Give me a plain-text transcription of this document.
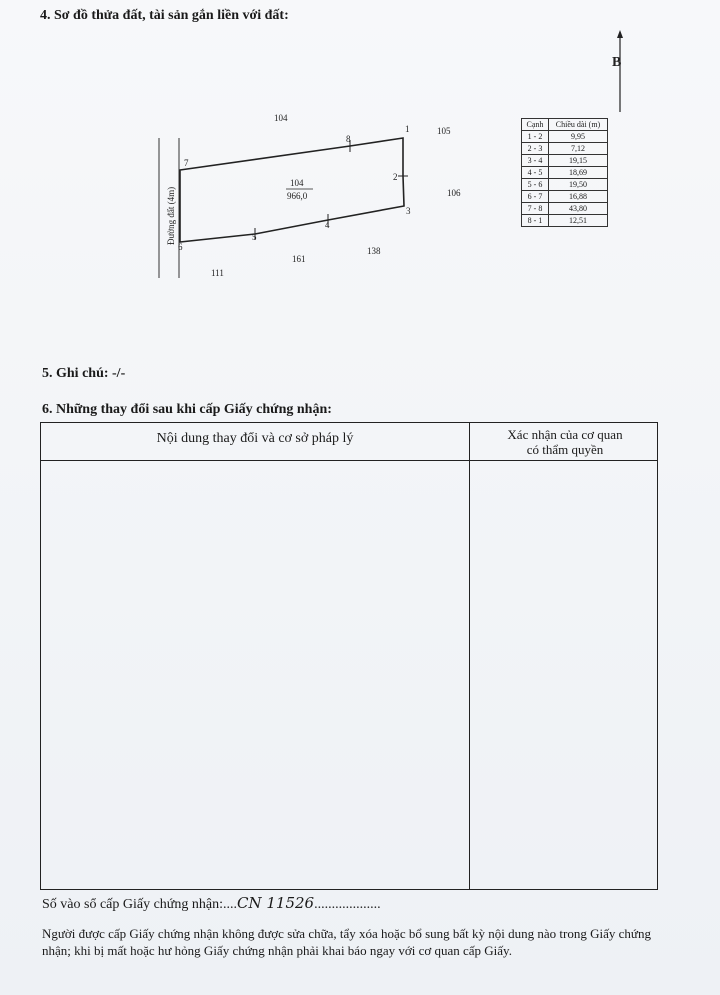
4. Sơ đồ thửa đất, tài sản gắn liền với đất:
B
Đường đất (4m)
1
2
3
4
5
6
7
8
104
966,0
104
105
106
138
161
111
Cạnh	Chiều dài (m)
1 - 2	9,95
2 - 3	7,12
3 - 4	19,15
4 - 5	18,69
5 - 6	19,50
6 - 7	16,88
7 - 8	43,80
8 - 1	12,51
5. Ghi chú: -/-
6. Những thay đổi sau khi cấp Giấy chứng nhận:
Nội dung thay đổi và cơ sở pháp lý	Xác nhận của cơ quan
có thẩm quyền
Số vào sổ cấp Giấy chứng nhận:....CN 11526...................
Người được cấp Giấy chứng nhận không được sửa chữa, tẩy xóa hoặc bổ sung bất kỳ nội dung nào trong Giấy chứng nhận; khi bị mất hoặc hư hỏng Giấy chứng nhận phải khai báo ngay với cơ quan cấp Giấy.
